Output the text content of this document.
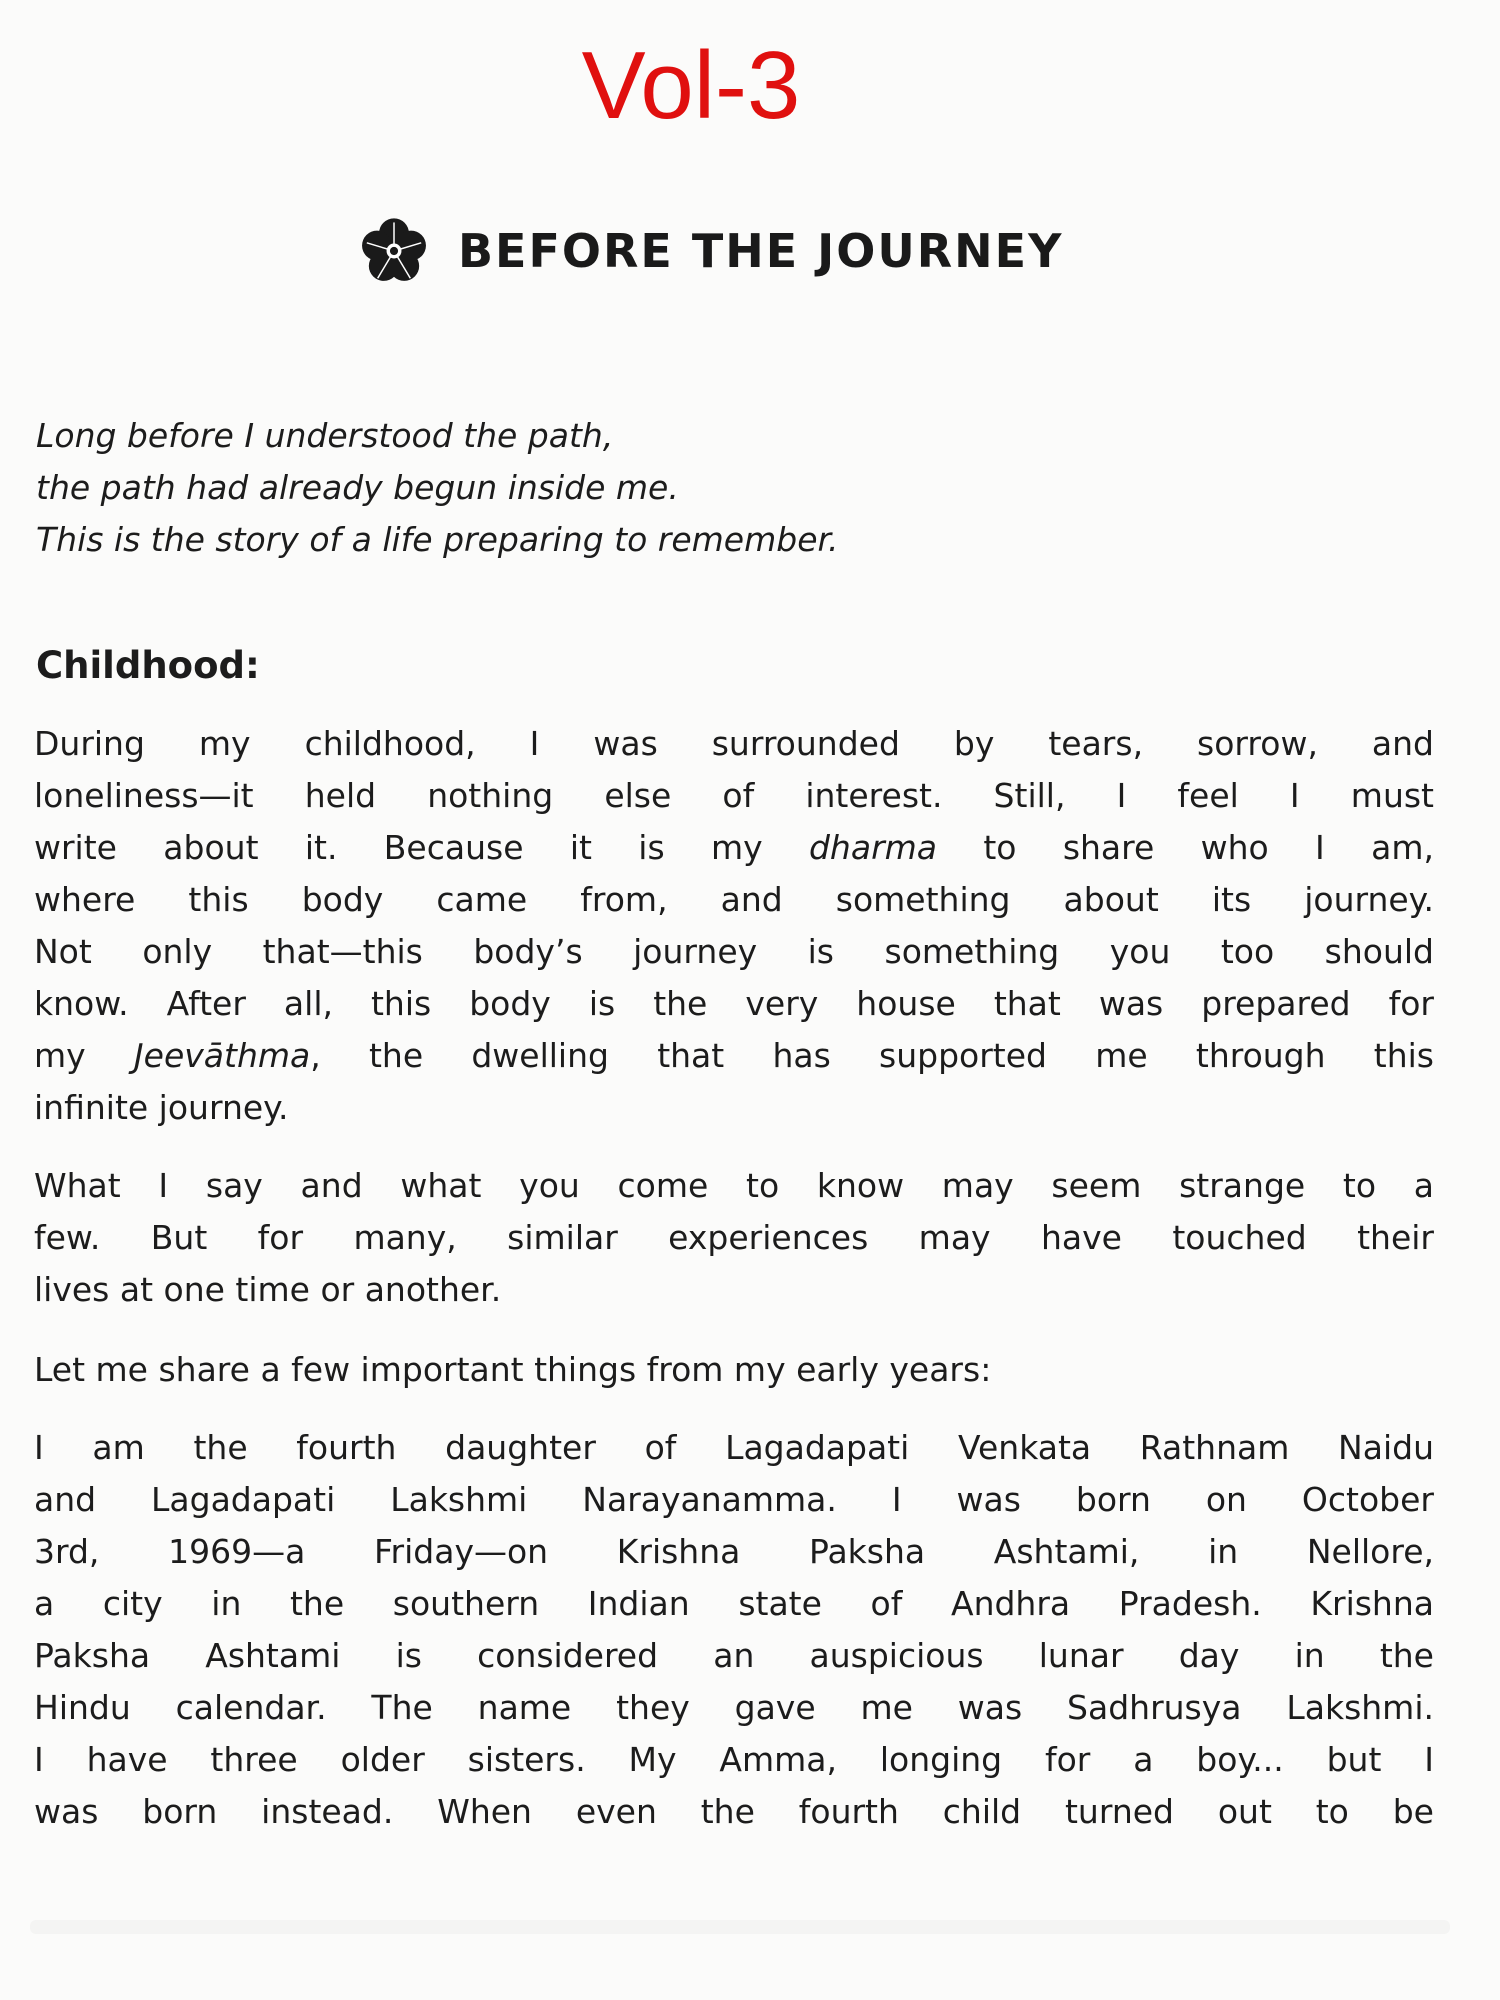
Vol-3
BEFORE THE JOURNEY
Long before I understood the path,
the path had already begun inside me.
This is the story of a life preparing to remember.
Childhood:
During my childhood, I was surrounded by tears, sorrow, and
loneliness—it held nothing else of interest. Still, I feel I must
write about it. Because it is my dharma to share who I am,
where this body came from, and something about its journey.
Not only that—this body’s journey is something you too should
know. After all, this body is the very house that was prepared for
my Jeevāthma, the dwelling that has supported me through this
infinite journey.
What I say and what you come to know may seem strange to a
few. But for many, similar experiences may have touched their
lives at one time or another.
Let me share a few important things from my early years:
I am the fourth daughter of Lagadapati Venkata Rathnam Naidu
and Lagadapati Lakshmi Narayanamma. I was born on October
3rd, 1969—a Friday—on Krishna Paksha Ashtami, in Nellore,
a city in the southern Indian state of Andhra Pradesh. Krishna
Paksha Ashtami is considered an auspicious lunar day in the
Hindu calendar. The name they gave me was Sadhrusya Lakshmi.
I have three older sisters. My Amma, longing for a boy... but I
was born instead. When even the fourth child turned out to be
